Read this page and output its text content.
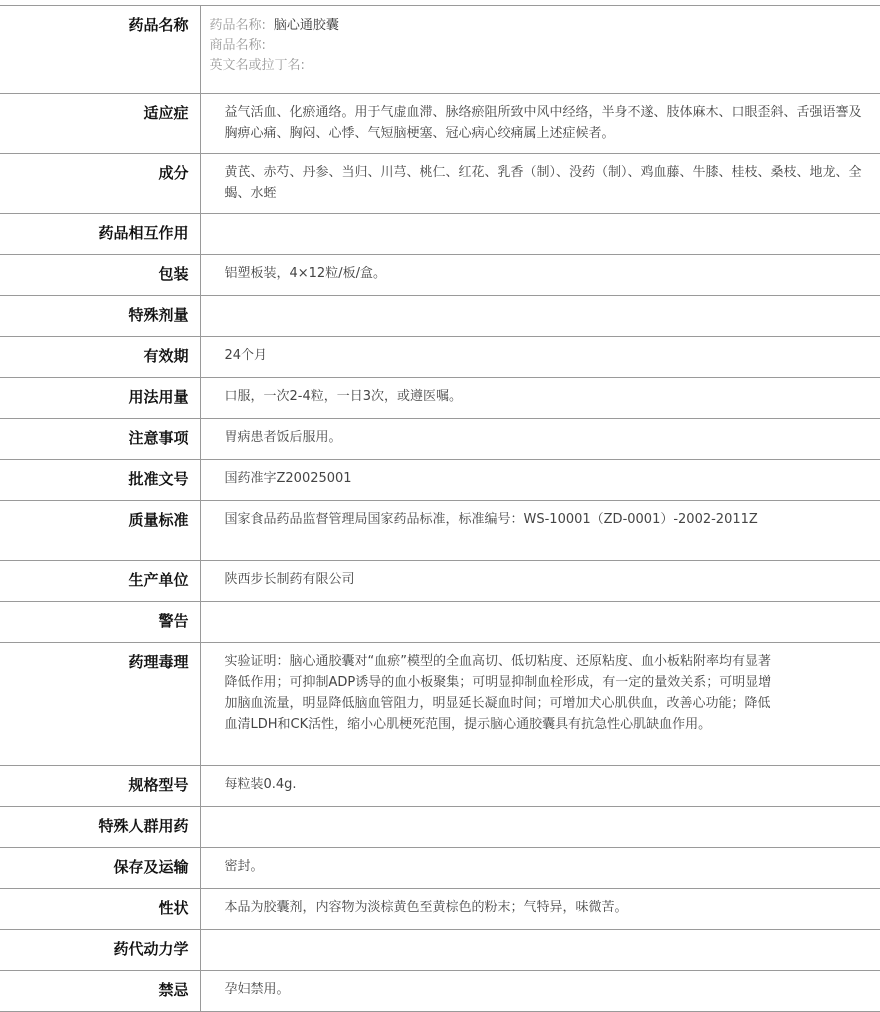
药品名称	药品名称: 脑心通胶囊
商品名称:
英文名或拉丁名:

适应症	益气活血、化瘀通络。用于气虚血滞、脉络瘀阻所致中风中经络，半身不遂、肢体麻木、口眼歪斜、舌强语謇及胸痹心痛、胸闷、心悸、气短脑梗塞、冠心病心绞痛属上述症候者。
成分	黄芪、赤芍、丹参、当归、川芎、桃仁、红花、乳香（制）、没药（制）、鸡血藤、牛膝、桂枝、桑枝、地龙、全蝎、水蛭
药品相互作用	
包装	铝塑板装，4×12粒/板/盒。
特殊剂量	
有效期	24个月
用法用量	口服，一次2-4粒，一日3次，或遵医嘱。
注意事项	胃病患者饭后服用。
批准文号	国药准字Z20025001
质量标准	国家食品药品监督管理局国家药品标准，标准编号：WS-10001（ZD-0001）-2002-2011Z
生产单位	陕西步长制药有限公司
警告	
药理毒理	实验证明：脑心通胶囊对“血瘀”模型的全血高切、低切粘度、还原粘度、血小板粘附率均有显著降低作用；可抑制ADP诱导的血小板聚集；可明显抑制血栓形成，有一定的量效关系；可明显增加脑血流量，明显降低脑血管阻力，明显延长凝血时间；可增加犬心肌供血，改善心功能；降低血清LDH和CK活性，缩小心肌梗死范围，提示脑心通胶囊具有抗急性心肌缺血作用。
规格型号	每粒装0.4g.
特殊人群用药	
保存及运输	密封。
性状	本品为胶囊剂，内容物为淡棕黄色至黄棕色的粉末；气特异，味微苦。
药代动力学	
禁忌	孕妇禁用。
